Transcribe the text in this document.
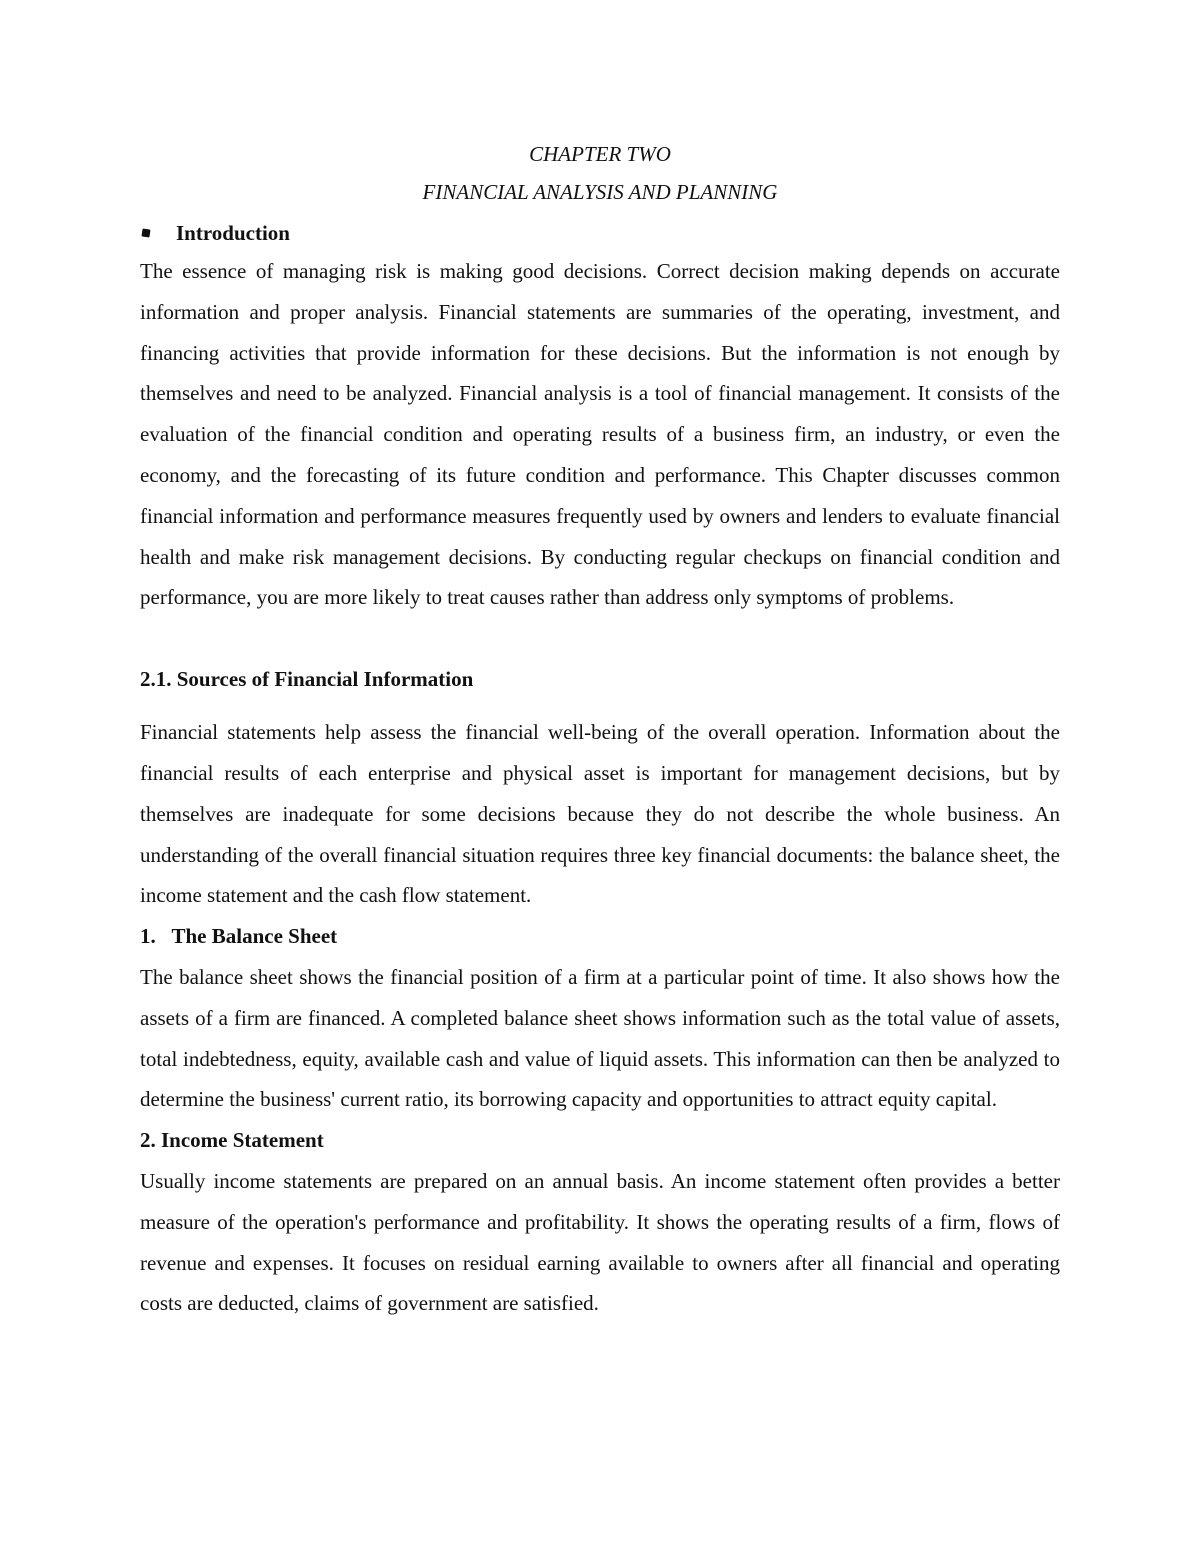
CHAPTER TWO

FINANCIAL ANALYSIS AND PLANNING

Introduction

The essence of managing risk is making good decisions. Correct decision making depends on accurate information and proper analysis. Financial statements are summaries of the operating, investment, and financing activities that provide information for these decisions. But the information is not enough by themselves and need to be analyzed. Financial analysis is a tool of financial management. It consists of the evaluation of the financial condition and operating results of a business firm, an industry, or even the economy, and the forecasting of its future condition and performance. This Chapter discusses common financial information and performance measures frequently used by owners and lenders to evaluate financial health and make risk management decisions. By conducting regular checkups on financial condition and performance, you are more likely to treat causes rather than address only symptoms of problems.

2.1. Sources of Financial Information

Financial statements help assess the financial well-being of the overall operation. Information about the financial results of each enterprise and physical asset is important for management decisions, but by themselves are inadequate for some decisions because they do not describe the whole business. An understanding of the overall financial situation requires three key financial documents: the balance sheet, the income statement and the cash flow statement.

1. The Balance Sheet

The balance sheet shows the financial position of a firm at a particular point of time. It also shows how the assets of a firm are financed. A completed balance sheet shows information such as the total value of assets, total indebtedness, equity, available cash and value of liquid assets. This information can then be analyzed to determine the business' current ratio, its borrowing capacity and opportunities to attract equity capital.

2. Income Statement

Usually income statements are prepared on an annual basis. An income statement often provides a better measure of the operation's performance and profitability. It shows the operating results of a firm, flows of revenue and expenses. It focuses on residual earning available to owners after all financial and operating costs are deducted, claims of government are satisfied.
